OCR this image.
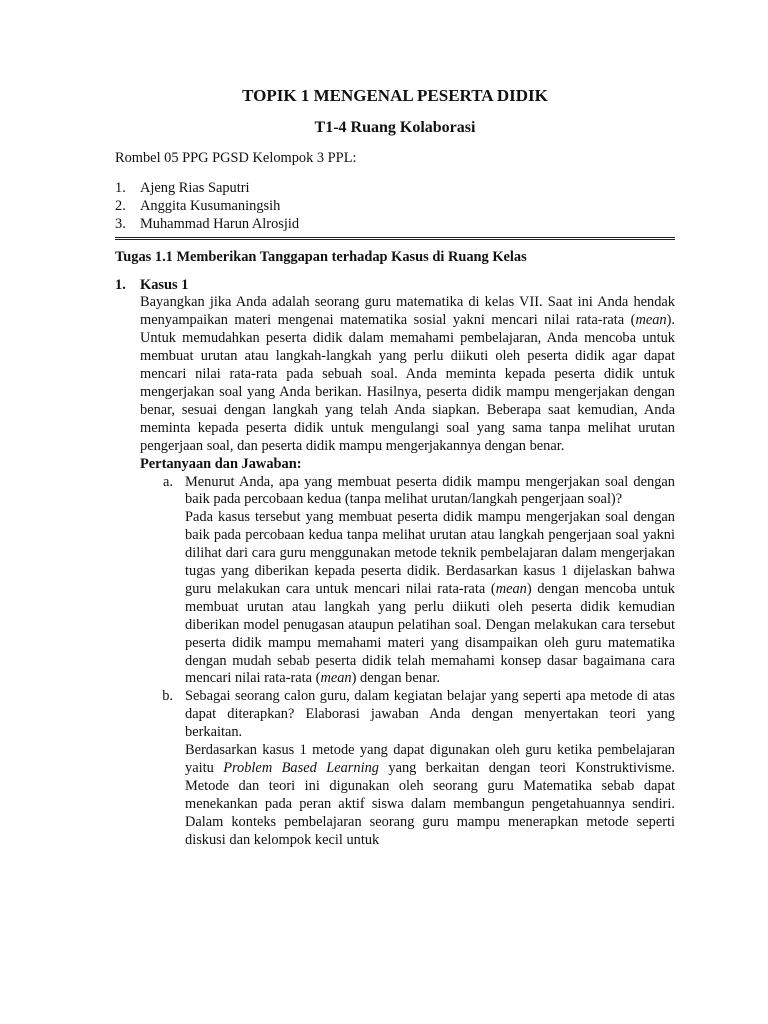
TOPIK 1 MENGENAL PESERTA DIDIK

T1-4 Ruang Kolaborasi

Rombel 05 PPG PGSD Kelompok 3 PPL:

1. Ajeng Rias Saputri
2. Anggita Kusumaningsih
3. Muhammad Harun Alrosjid

Tugas 1.1 Memberikan Tanggapan terhadap Kasus di Ruang Kelas

1. Kasus 1
Bayangkan jika Anda adalah seorang guru matematika di kelas VII. Saat ini Anda hendak menyampaikan materi mengenai matematika sosial yakni mencari nilai rata-rata (mean). Untuk memudahkan peserta didik dalam memahami pembelajaran, Anda mencoba untuk membuat urutan atau langkah-langkah yang perlu diikuti oleh peserta didik agar dapat mencari nilai rata-rata pada sebuah soal. Anda meminta kepada peserta didik untuk mengerjakan soal yang Anda berikan. Hasilnya, peserta didik mampu mengerjakan dengan benar, sesuai dengan langkah yang telah Anda siapkan. Beberapa saat kemudian, Anda meminta kepada peserta didik untuk mengulangi soal yang sama tanpa melihat urutan pengerjaan soal, dan peserta didik mampu mengerjakannya dengan benar.
Pertanyaan dan Jawaban:
a. Menurut Anda, apa yang membuat peserta didik mampu mengerjakan soal dengan baik pada percobaan kedua (tanpa melihat urutan/langkah pengerjaan soal)?
Pada kasus tersebut yang membuat peserta didik mampu mengerjakan soal dengan baik pada percobaan kedua tanpa melihat urutan atau langkah pengerjaan soal yakni dilihat dari cara guru menggunakan metode teknik pembelajaran dalam mengerjakan tugas yang diberikan kepada peserta didik. Berdasarkan kasus 1 dijelaskan bahwa guru melakukan cara untuk mencari nilai rata-rata (mean) dengan mencoba untuk membuat urutan atau langkah yang perlu diikuti oleh peserta didik kemudian diberikan model penugasan ataupun pelatihan soal. Dengan melakukan cara tersebut peserta didik mampu memahami materi yang disampaikan oleh guru matematika dengan mudah sebab peserta didik telah memahami konsep dasar bagaimana cara mencari nilai rata-rata (mean) dengan benar.
b. Sebagai seorang calon guru, dalam kegiatan belajar yang seperti apa metode di atas dapat diterapkan? Elaborasi jawaban Anda dengan menyertakan teori yang berkaitan.
Berdasarkan kasus 1 metode yang dapat digunakan oleh guru ketika pembelajaran yaitu Problem Based Learning yang berkaitan dengan teori Konstruktivisme. Metode dan teori ini digunakan oleh seorang guru Matematika sebab dapat menekankan pada peran aktif siswa dalam membangun pengetahuannya sendiri. Dalam konteks pembelajaran seorang guru mampu menerapkan metode seperti diskusi dan kelompok kecil untuk
